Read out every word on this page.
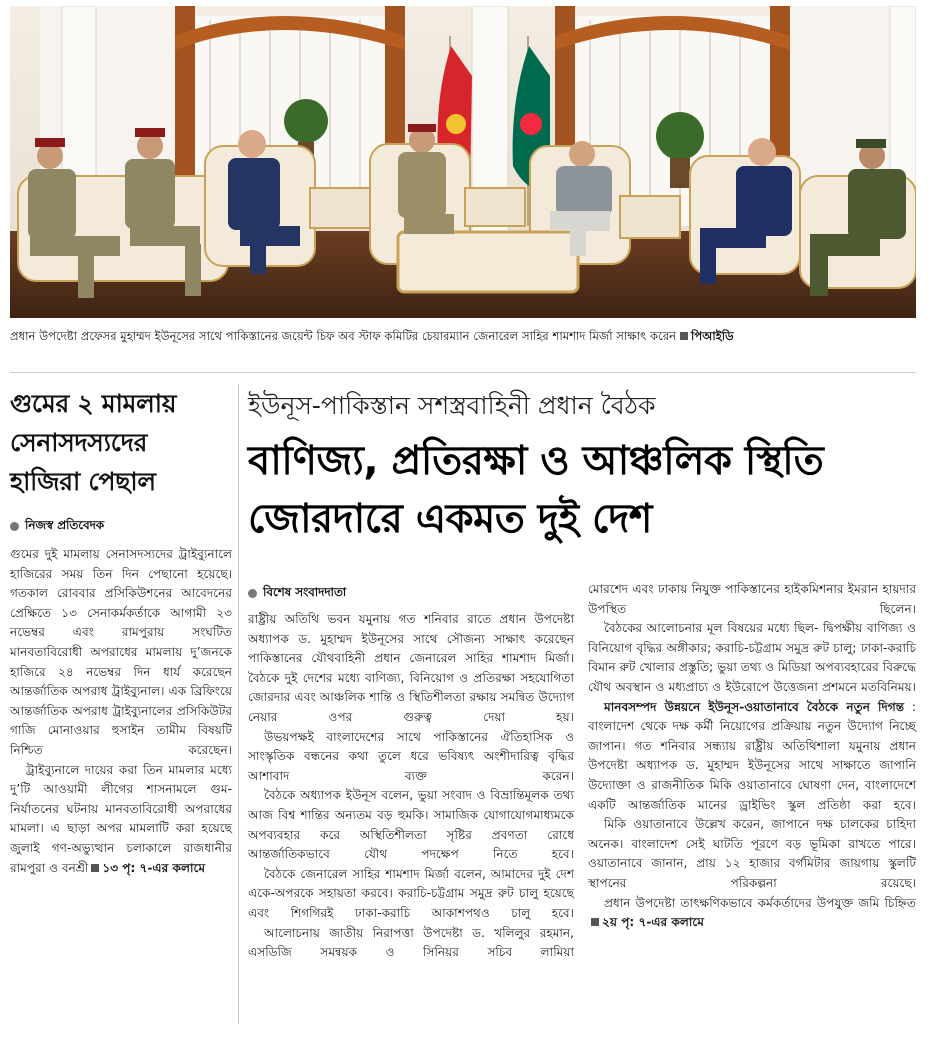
প্রধান উপদেষ্টা প্রফেসর মুহাম্মদ ইউনূসের সাথে পাকিস্তানের জয়েন্ট চিফ অব স্টাফ কমিটির চেয়ারম্যান জেনারেল সাহির শামশাদ মির্জা সাক্ষাৎ করেন পিআইডি
গুমের ২ মামলায়
সেনাসদস্যদের
হাজিরা পেছাল
নিজস্ব প্রতিবেদক

গুমের দুই মামলায় সেনাসদস্যদের ট্রাইব্যুনালে হাজিরের সময় তিন দিন পেছানো হয়েছে। গতকাল রোববার প্রসিকিউশনের আবেদনের প্রেক্ষিতে ১৩ সেনাকর্মকর্তাকে আগামী ২৩ নভেম্বর এবং রামপুরায় সংঘটিত মানবতাবিরোধী অপরাধের মামলায় দু’জনকে হাজিরে ২৪ নভেম্বর দিন ধার্য করেছেন আন্তর্জাতিক অপরাধ ট্রাইব্যুনাল। এক ব্রিফিংয়ে আন্তর্জাতিক অপরাধ ট্রাইব্যুনালের প্রসিকিউটর গাজি মোনাওয়ার হুসাইন তামীম বিষয়টি নিশ্চিত করেছেন।

ট্রাইব্যুনালে দায়ের করা তিন মামলার মধ্যে দু’টি আওয়ামী লীগের শাসনামলে গুম-নির্যাতনের ঘটনায় মানবতাবিরোধী অপরাধের মামলা। এ ছাড়া অপর মামলাটি করা হয়েছে জুলাই গণ-অভ্যুত্থান চলাকালে রাজধানীর রামপুরা ও বনশ্রী ১৩ পৃ: ৭-এর কলামে

ইউনূস-পাকিস্তান সশস্ত্রবাহিনী প্রধান বৈঠক
বাণিজ্য, প্রতিরক্ষা ও আঞ্চলিক স্থিতি
জোরদারে একমত দুই দেশ
বিশেষ সংবাদদাতা

রাষ্ট্রীয় অতিথি ভবন যমুনায় গত শনিবার রাতে প্রধান উপদেষ্টা অধ্যাপক ড. মুহাম্মদ ইউনূসের সাথে সৌজন্য সাক্ষাৎ করেছেন পাকিস্তানের যৌথবাহিনী প্রধান জেনারেল সাহির শামশাদ মির্জা। বৈঠকে দুই দেশের মধ্যে বাণিজ্য, বিনিয়োগ ও প্রতিরক্ষা সহযোগিতা জোরদার এবং আঞ্চলিক শান্তি ও স্থিতিশীলতা রক্ষায় সমন্বিত উদ্যোগ নেয়ার ওপর গুরুত্ব দেয়া হয়।

উভয়পক্ষই বাংলাদেশের সাথে পাকিস্তানের ঐতিহাসিক ও সাংস্কৃতিক বন্ধনের কথা তুলে ধরে ভবিষ্যৎ অংশীদারিত্ব বৃদ্ধির আশাবাদ ব্যক্ত করেন।

বৈঠকে অধ্যাপক ইউনূস বলেন, ভুয়া সংবাদ ও বিভ্রান্তিমূলক তথ্য আজ বিশ্ব শান্তির অন্যতম বড় হুমকি। সামাজিক যোগাযোগমাধ্যমকে অপব্যবহার করে অস্থিতিশীলতা সৃষ্টির প্রবণতা রোধে আন্তর্জাতিকভাবে যৌথ পদক্ষেপ নিতে হবে।

বৈঠকে জেনারেল সাহির শামশাদ মির্জা বলেন, আমাদের দুই দেশ একে-অপরকে সহায়তা করবে। করাচি-চট্টগ্রাম সমুদ্র রুট চালু হয়েছে এবং শিগগিরই ঢাকা-করাচি আকাশপথও চালু হবে।

আলোচনায় জাতীয় নিরাপত্তা উপদেষ্টা ড. খলিলুর রহমান, এসডিজি সমন্বয়ক ও সিনিয়র সচিব লামিয়া

মোরশেদ এবং ঢাকায় নিযুক্ত পাকিস্তানের হাইকমিশনার ইমরান হায়দার উপস্থিত ছিলেন।

বৈঠকের আলোচনার মূল বিষয়ের মধ্যে ছিল- দ্বিপক্ষীয় বাণিজ্য ও বিনিয়োগ বৃদ্ধির অঙ্গীকার; করাচি-চট্টগ্রাম সমুদ্র রুট চালু; ঢাকা-করাচি বিমান রুট খোলার প্রস্তুতি; ভুয়া তথ্য ও মিডিয়া অপব্যবহারের বিরুদ্ধে যৌথ অবস্থান ও মধ্যপ্রাচ্য ও ইউরোপে উত্তেজনা প্রশমনে মতবিনিময়।

মানবসম্পদ উন্নয়নে ইউনূস-ওয়াতানাবে বৈঠকে নতুন দিগন্ত : বাংলাদেশ থেকে দক্ষ কর্মী নিয়োগের প্রক্রিয়ায় নতুন উদ্যোগ নিচ্ছে জাপান। গত শনিবার সন্ধ্যায় রাষ্ট্রীয় অতিথিশালা যমুনায় প্রধান উপদেষ্টা অধ্যাপক ড. মুহাম্মদ ইউনূসের সাথে সাক্ষাতে জাপানি উদ্যোক্তা ও রাজনীতিক মিকি ওয়াতানাবে ঘোষণা দেন, বাংলাদেশে একটি আন্তর্জাতিক মানের ড্রাইভিং স্কুল প্রতিষ্ঠা করা হবে।

মিকি ওয়াতানাবে উল্লেখ করেন, জাপানে দক্ষ চালকের চাহিদা অনেক। বাংলাদেশ সেই ঘাটতি পূরণে বড় ভূমিকা রাখতে পারে। ওয়াতানাবে জানান, প্রায় ১২ হাজার বর্গমিটার জায়গায় স্কুলটি স্থাপনের পরিকল্পনা রয়েছে।

প্রধান উপদেষ্টা তাৎক্ষণিকভাবে কর্মকর্তাদের উপযুক্ত জমি চিহ্নিত২য় পৃ: ৭-এর কলামে
